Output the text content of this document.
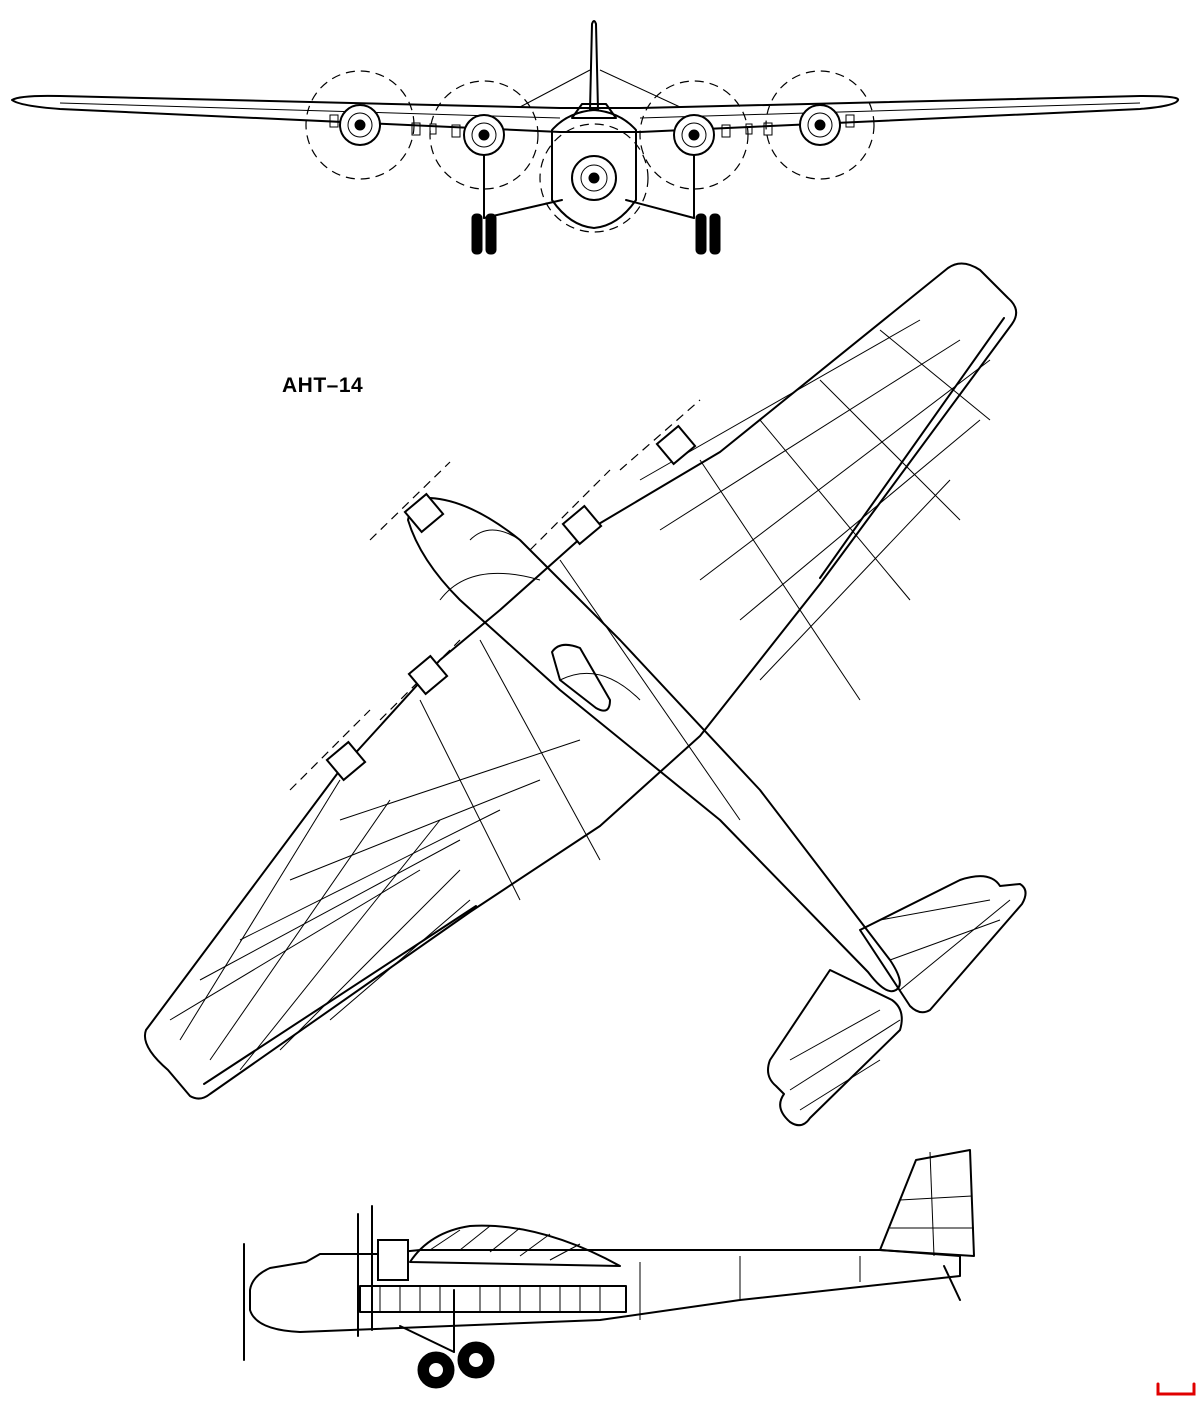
АНТ–14
